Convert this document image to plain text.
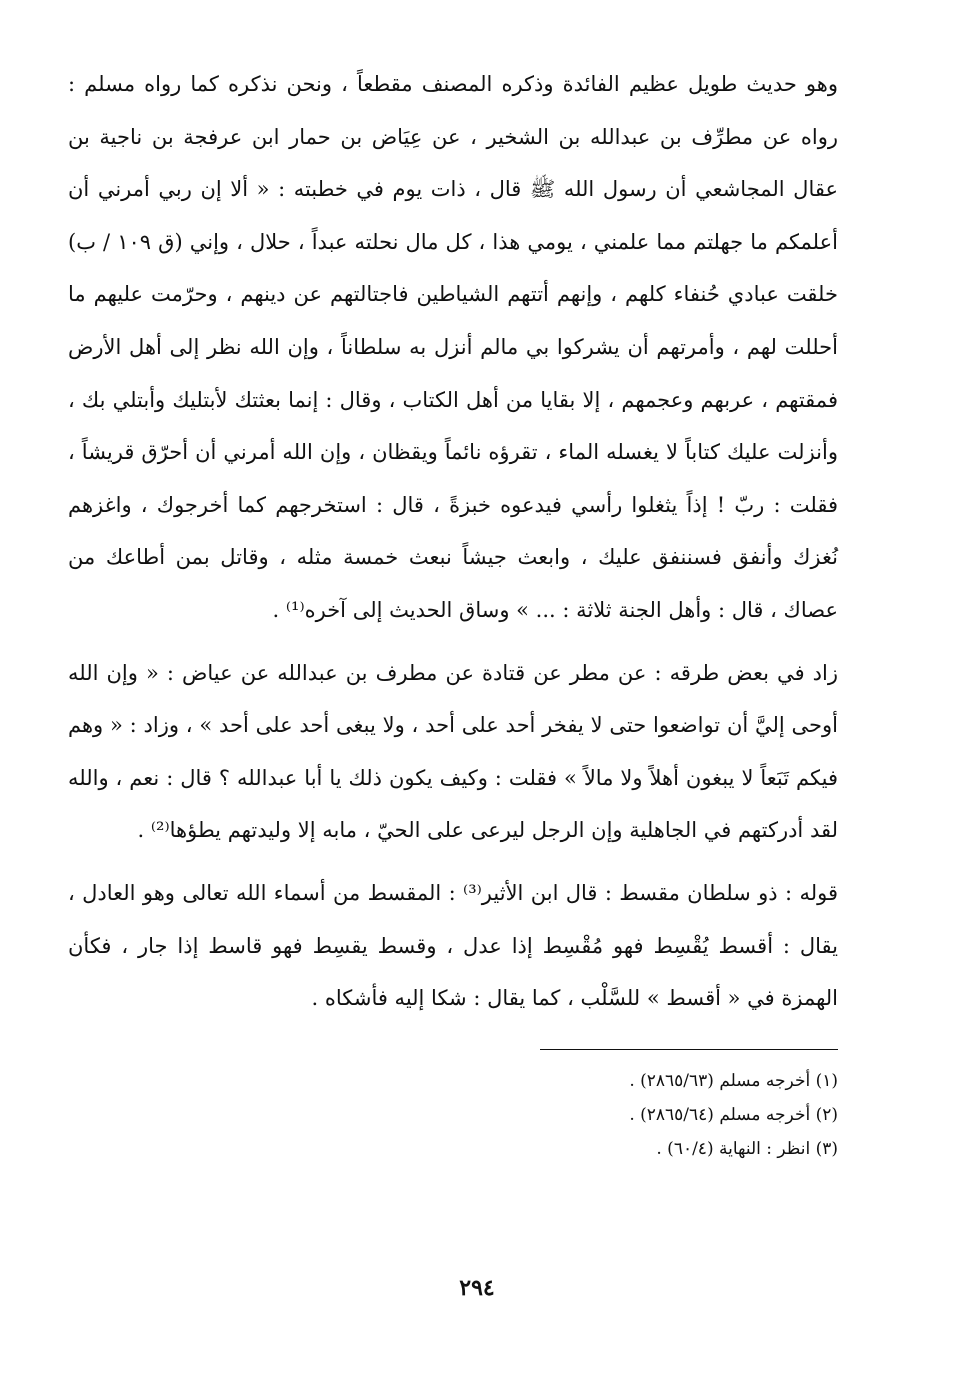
وهو حديث طويل عظيم الفائدة وذكره المصنف مقطعاً ، ونحن نذكره كما رواه مسلم : رواه عن مطرِّف بن عبدالله بن الشخير ، عن عِيَاض بن حمار ابن عرفجة بن ناجية بن عقال المجاشعي أن رسول الله ﷺ قال ، ذات يوم في خطبته : « ألا إن ربي أمرني أن أعلمكم ما جهلتم مما علمني ، يومي هذا ، كل مال نحلته عبداً ، حلال ، وإني (ق ١٠٩ / ب) خلقت عبادي حُنفاء كلهم ، وإنهم أتتهم الشياطين فاجتالتهم عن دينهم ، وحرّمت عليهم ما أحللت لهم ، وأمرتهم أن يشركوا بي مالم أنزل به سلطاناً ، وإن الله نظر إلى أهل الأرض فمقتهم ، عربهم وعجمهم ، إلا بقايا من أهل الكتاب ، وقال : إنما بعثتك لأبتليك وأبتلي بك ، وأنزلت عليك كتاباً لا يغسله الماء ، تقرؤه نائماً ويقظان ، وإن الله أمرني أن أحرّق قريشاً ، فقلت : ربّ ! إذاً يثغلوا رأسي فيدعوه خبزةً ، قال : استخرجهم كما أخرجوك ، واغزهم نُغزك وأنفق فسننفق عليك ، وابعث جيشاً نبعث خمسة مثله ، وقاتل بمن أطاعك من عصاك ، قال : وأهل الجنة ثلاثة : ... » وساق الحديث إلى آخره⁽¹⁾ .

زاد في بعض طرقه : عن مطر عن قتادة عن مطرف بن عبدالله عن عياض : « وإن الله أوحى إليَّ أن تواضعوا حتى لا يفخر أحد على أحد ، ولا يبغى أحد على أحد » ، وزاد : « وهم فيكم تَبَعاً لا يبغون أهلاً ولا مالاً » فقلت : وكيف يكون ذلك يا أبا عبدالله ؟ قال : نعم ، والله لقد أدركتهم في الجاهلية وإن الرجل ليرعى على الحيّ ، مابه إلا وليدتهم يطؤها⁽²⁾ .

قوله : ذو سلطان مقسط : قال ابن الأثير⁽³⁾ : المقسط من أسماء الله تعالى وهو العادل ، يقال : أقسط يُقْسِط فهو مُقْسِط إذا عدل ، وقسط يقسِط فهو قاسط إذا جار ، فكأن الهمزة في « أقسط » للسَّلْب ، كما يقال : شكا إليه فأشكاه .

(١) أخرجه مسلم (٢٨٦٥/٦٣) .

(٢) أخرجه مسلم (٢٨٦٥/٦٤) .

(٣) انظر : النهاية (٦٠/٤) .

٢٩٤
